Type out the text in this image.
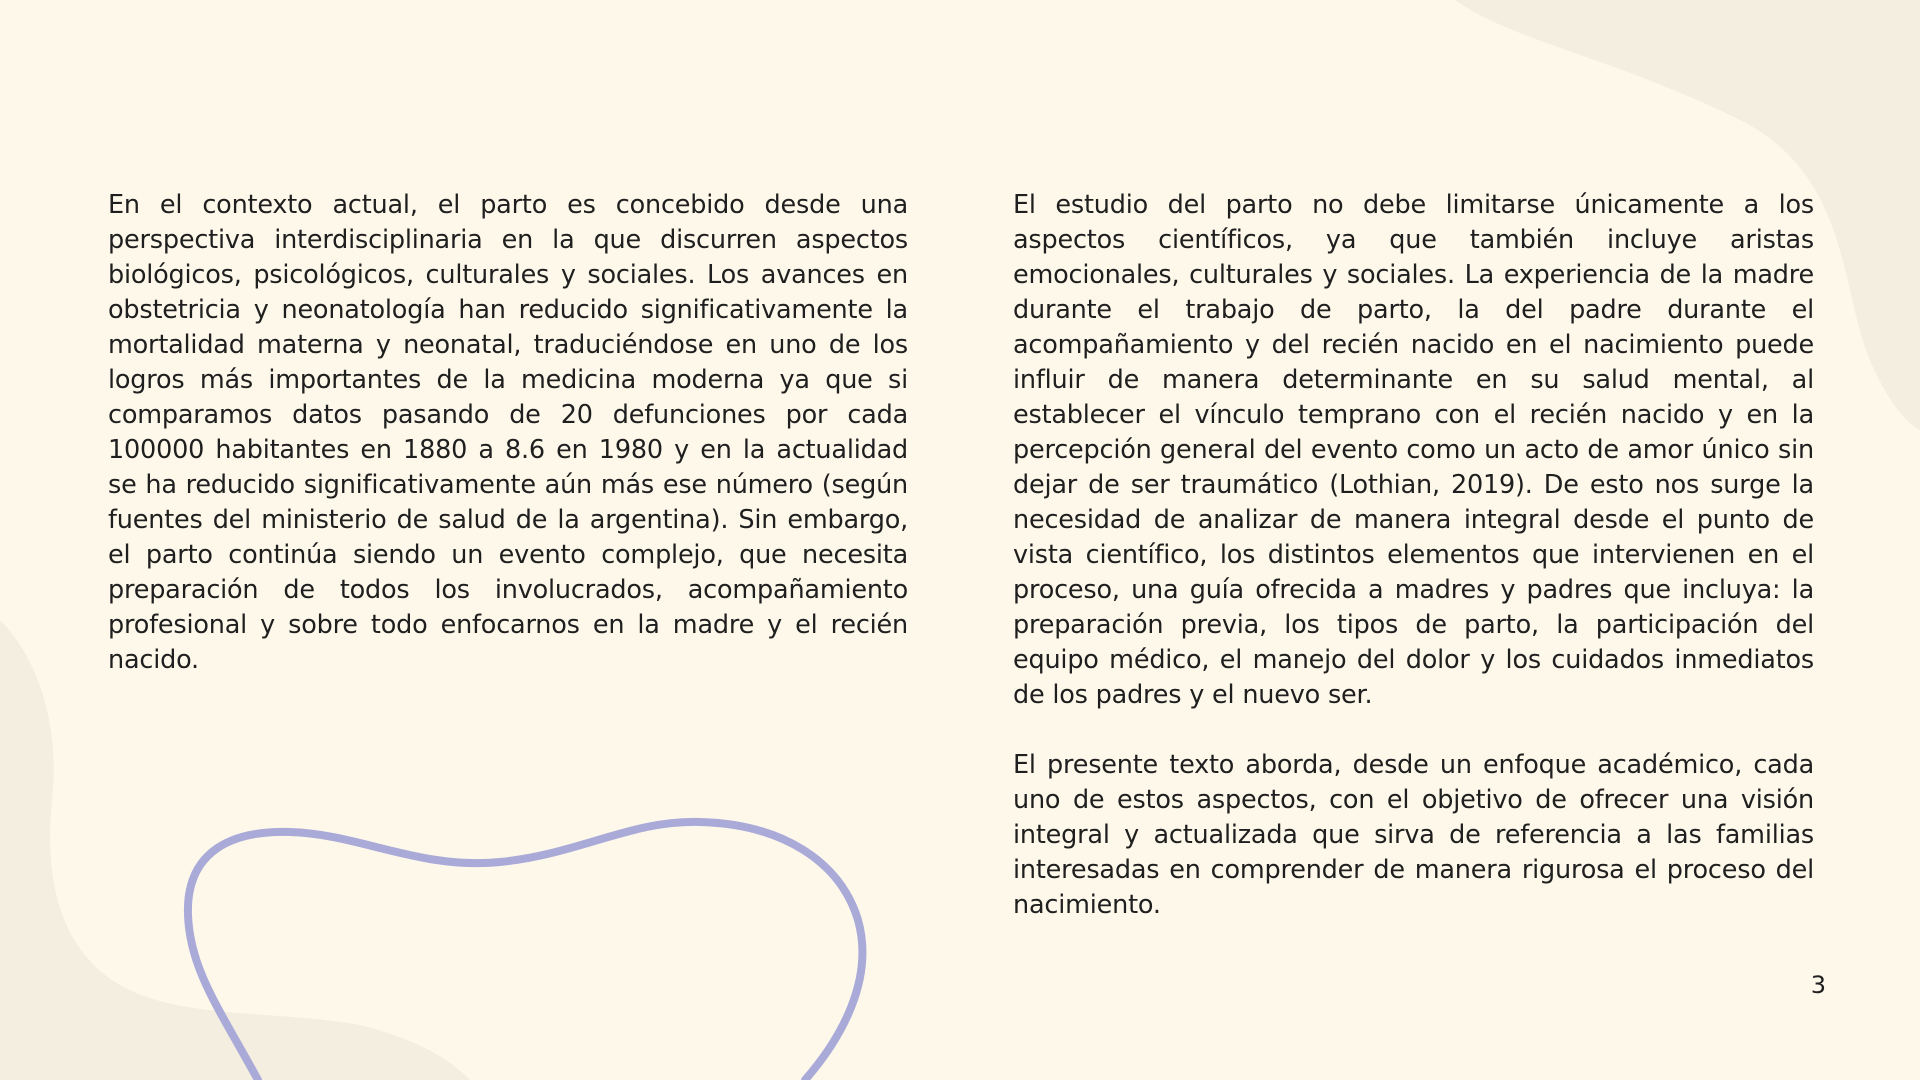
En el contexto actual, el parto es concebido desde una perspectiva interdisciplinaria en la que discurren aspectos biológicos, psicológicos, culturales y sociales. Los avances en obstetricia y neonatología han reducido significativamente la mortalidad materna y neonatal, traduciéndose en uno de los logros más importantes de la medicina moderna ya que si comparamos datos pasando de 20 defunciones por cada 100000 habitantes en 1880 a 8.6 en 1980 y en la actualidad se ha reducido significativamente aún más ese número (según fuentes del ministerio de salud de la argentina). Sin embargo, el parto continúa siendo un evento complejo, que necesita preparación de todos los involucrados, acompañamiento profesional y sobre todo enfocarnos en la madre y el recién nacido.

El estudio del parto no debe limitarse únicamente a los aspectos científicos, ya que también incluye aristas emocionales, culturales y sociales. La experiencia de la madre durante el trabajo de parto, la del padre durante el acompañamiento y del recién nacido en el nacimiento puede influir de manera determinante en su salud mental, al establecer el vínculo temprano con el recién nacido y en la percepción general del evento como un acto de amor único sin dejar de ser traumático (Lothian, 2019). De esto nos surge la necesidad de analizar de manera integral desde el punto de vista científico, los distintos elementos que intervienen en el proceso, una guía ofrecida a madres y padres que incluya: la preparación previa, los tipos de parto, la participación del equipo médico, el manejo del dolor y los cuidados inmediatos de los padres y el nuevo ser.

El presente texto aborda, desde un enfoque académico, cada uno de estos aspectos, con el objetivo de ofrecer una visión integral y actualizada que sirva de referencia a las familias interesadas en comprender de manera rigurosa el proceso del nacimiento.

3
